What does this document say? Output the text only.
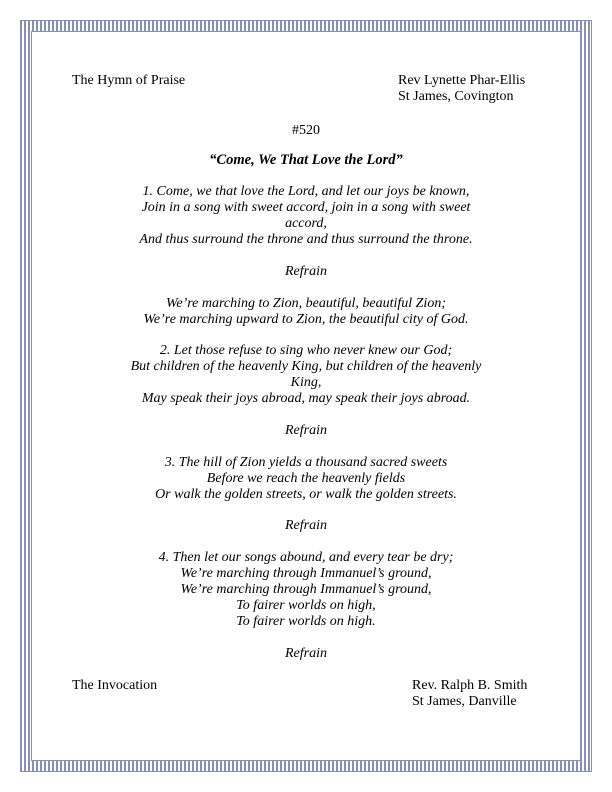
The Hymn of Praise	Rev Lynette Phar-Ellis
St James, Covington
#520
“Come, We That Love the Lord”
1. Come, we that love the Lord, and let our joys be known,
Join in a song with sweet accord, join in a song with sweet
accord,
And thus surround the throne and thus surround the throne.
Refrain
We’re marching to Zion, beautiful, beautiful Zion;
We’re marching upward to Zion, the beautiful city of God.
2. Let those refuse to sing who never knew our God;
But children of the heavenly King, but children of the heavenly
King,
May speak their joys abroad, may speak their joys abroad.
Refrain
3. The hill of Zion yields a thousand sacred sweets
Before we reach the heavenly fields
Or walk the golden streets, or walk the golden streets.
Refrain
4. Then let our songs abound, and every tear be dry;
We’re marching through Immanuel’s ground,
We’re marching through Immanuel’s ground,
To fairer worlds on high,
To fairer worlds on high.
Refrain
The Invocation	Rev. Ralph B. Smith
St James, Danville
